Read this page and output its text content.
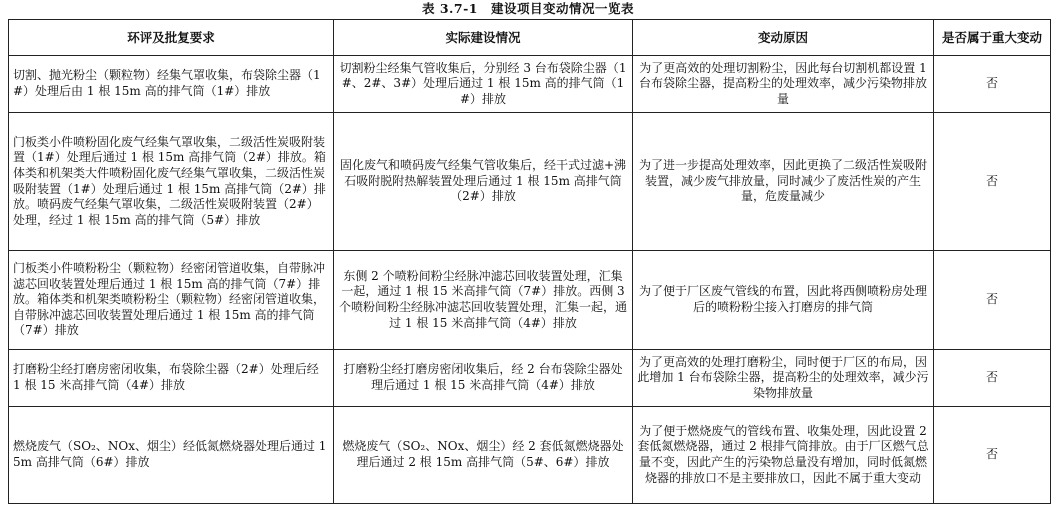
表 3.7-1　建设项目变动情况一览表
环评及批复要求	实际建设情况	变动原因	是否属于重大变动
切割、抛光粉尘（颗粒物）经集气罩收集，布袋除尘器（1#）处理后由 1 根 15m 高的排气筒（1#）排放	切割粉尘经集气管收集后，分别经 3 台布袋除尘器（1#、2#、3#）处理后通过 1 根 15m 高的排气筒（1#）排放	为了更高效的处理切割粉尘，因此每台切割机都设置 1 台布袋除尘器，提高粉尘的处理效率，减少污染物排放量	否
门板类小件喷粉固化废气经集气罩收集，二级活性炭吸附装置（1#）处理后通过 1 根 15m 高排气筒（2#）排放。箱体类和机架类大件喷粉固化废气经集气罩收集，二级活性炭吸附装置（1#）处理后通过 1 根 15m 高排气筒（2#）排放。喷码废气经集气罩收集，二级活性炭吸附装置（2#）处理，经过 1 根 15m 高的排气筒（5#）排放	固化废气和喷码废气经集气管收集后，经干式过滤+沸石吸附脱附热解装置处理后通过 1 根 15m 高排气筒（2#）排放	为了进一步提高处理效率，因此更换了二级活性炭吸附装置，减少废气排放量，同时减少了废活性炭的产生量，危废量减少	否
门板类小件喷粉粉尘（颗粒物）经密闭管道收集，自带脉冲滤芯回收装置处理后通过 1 根 15m 高的排气筒（7#）排放。箱体类和机架类喷粉粉尘（颗粒物）经密闭管道收集，自带脉冲滤芯回收装置处理后通过 1 根 15m 高的排气筒（7#）排放	东侧 2 个喷粉间粉尘经脉冲滤芯回收装置处理，汇集一起，通过 1 根 15 米高排气筒（7#）排放。西侧 3 个喷粉间粉尘经脉冲滤芯回收装置处理，汇集一起，通过 1 根 15 米高排气筒（4#）排放	为了便于厂区废气管线的布置，因此将西侧喷粉房处理后的喷粉粉尘接入打磨房的排气筒	否
打磨粉尘经打磨房密闭收集，布袋除尘器（2#）处理后经 1 根 15 米高排气筒（4#）排放	打磨粉尘经打磨房密闭收集后，经 2 台布袋除尘器处理后通过 1 根 15 米高排气筒（4#）排放	为了更高效的处理打磨粉尘，同时便于厂区的布局，因此增加 1 台布袋除尘器，提高粉尘的处理效率，减少污染物排放量	否
燃烧废气（SO₂、NOx、烟尘）经低氮燃烧器处理后通过 15m 高排气筒（6#）排放	燃烧废气（SO₂、NOx、烟尘）经 2 套低氮燃烧器处理后通过 2 根 15m 高排气筒（5#、6#）排放	为了便于燃烧废气的管线布置、收集处理，因此设置 2 套低氮燃烧器，通过 2 根排气筒排放。由于厂区燃气总量不变，因此产生的污染物总量没有增加，同时低氮燃烧器的排放口不是主要排放口，因此不属于重大变动	否
